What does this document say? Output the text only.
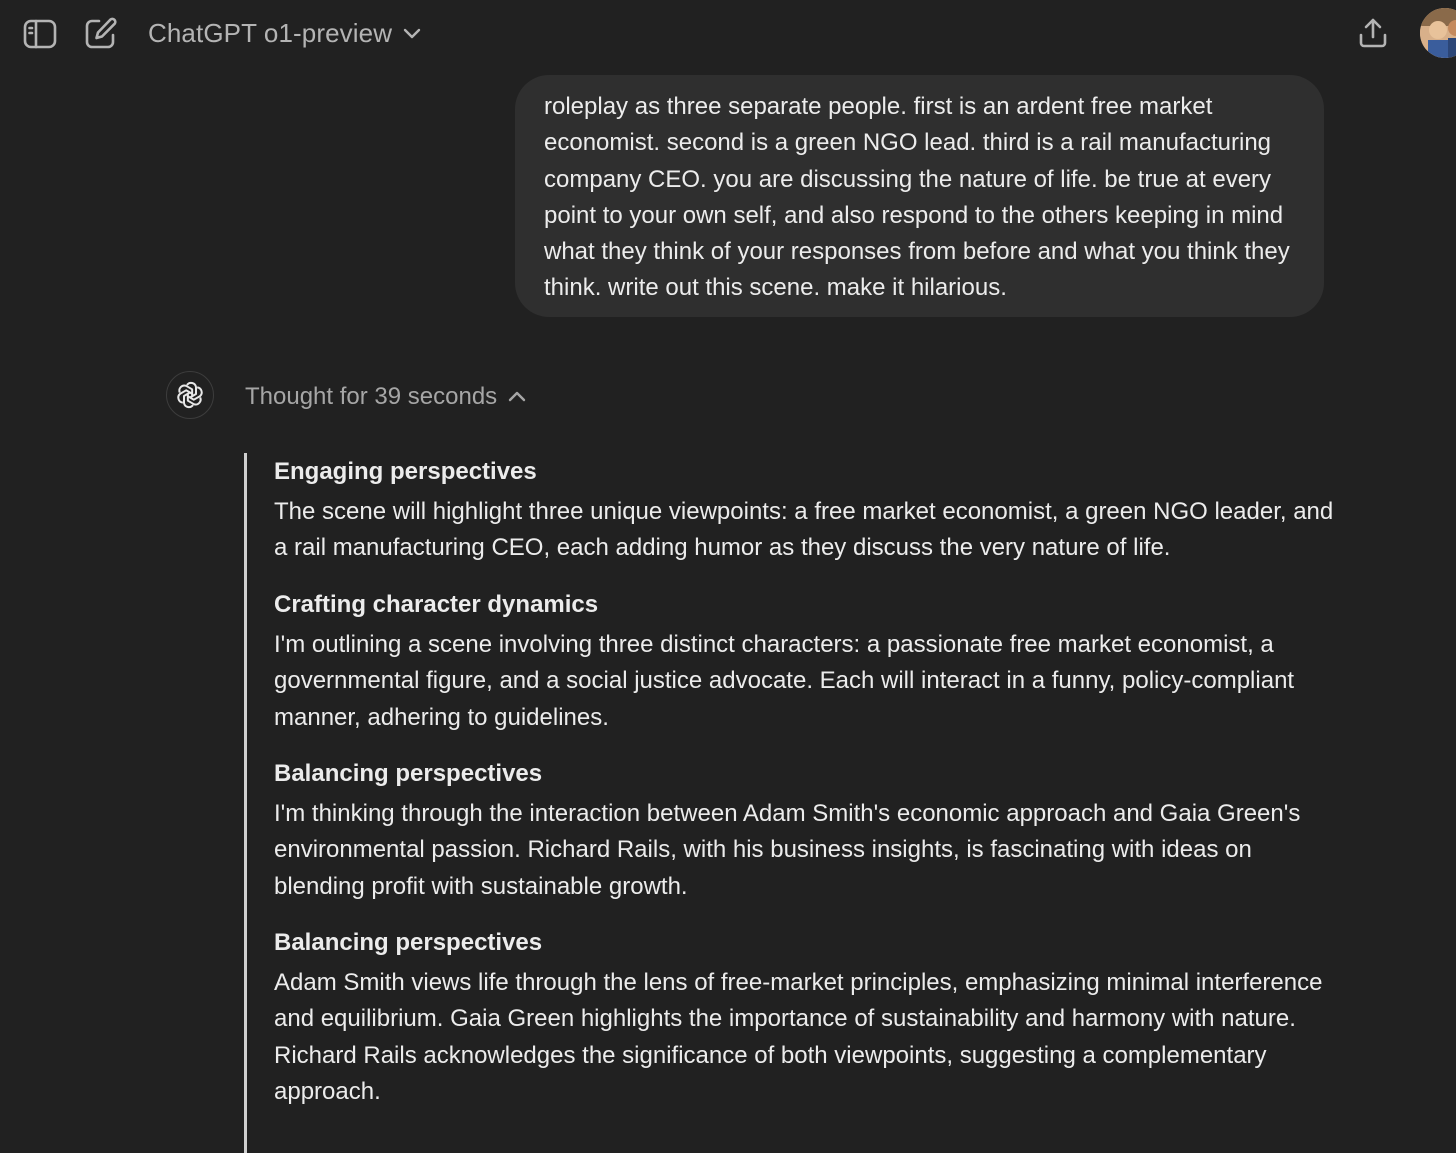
ChatGPT o1-preview
roleplay as three separate people. first is an ardent free market economist. second is a green NGO lead. third is a rail manufacturing company CEO. you are discussing the nature of life. be true at every point to your own self, and also respond to the others keeping in mind what they think of your responses from before and what you think they think. write out this scene. make it hilarious.
Thought for 39 seconds
Engaging perspectives
The scene will highlight three unique viewpoints: a free market economist, a green NGO leader, and a rail manufacturing CEO, each adding humor as they discuss the very nature of life.
Crafting character dynamics
I'm outlining a scene involving three distinct characters: a passionate free market economist, a governmental figure, and a social justice advocate. Each will interact in a funny, policy-compliant manner, adhering to guidelines.
Balancing perspectives
I'm thinking through the interaction between Adam Smith's economic approach and Gaia Green's environmental passion. Richard Rails, with his business insights, is fascinating with ideas on blending profit with sustainable growth.
Balancing perspectives
Adam Smith views life through the lens of free-market principles, emphasizing minimal interference and equilibrium. Gaia Green highlights the importance of sustainability and harmony with nature. Richard Rails acknowledges the significance of both viewpoints, suggesting a complementary approach.
